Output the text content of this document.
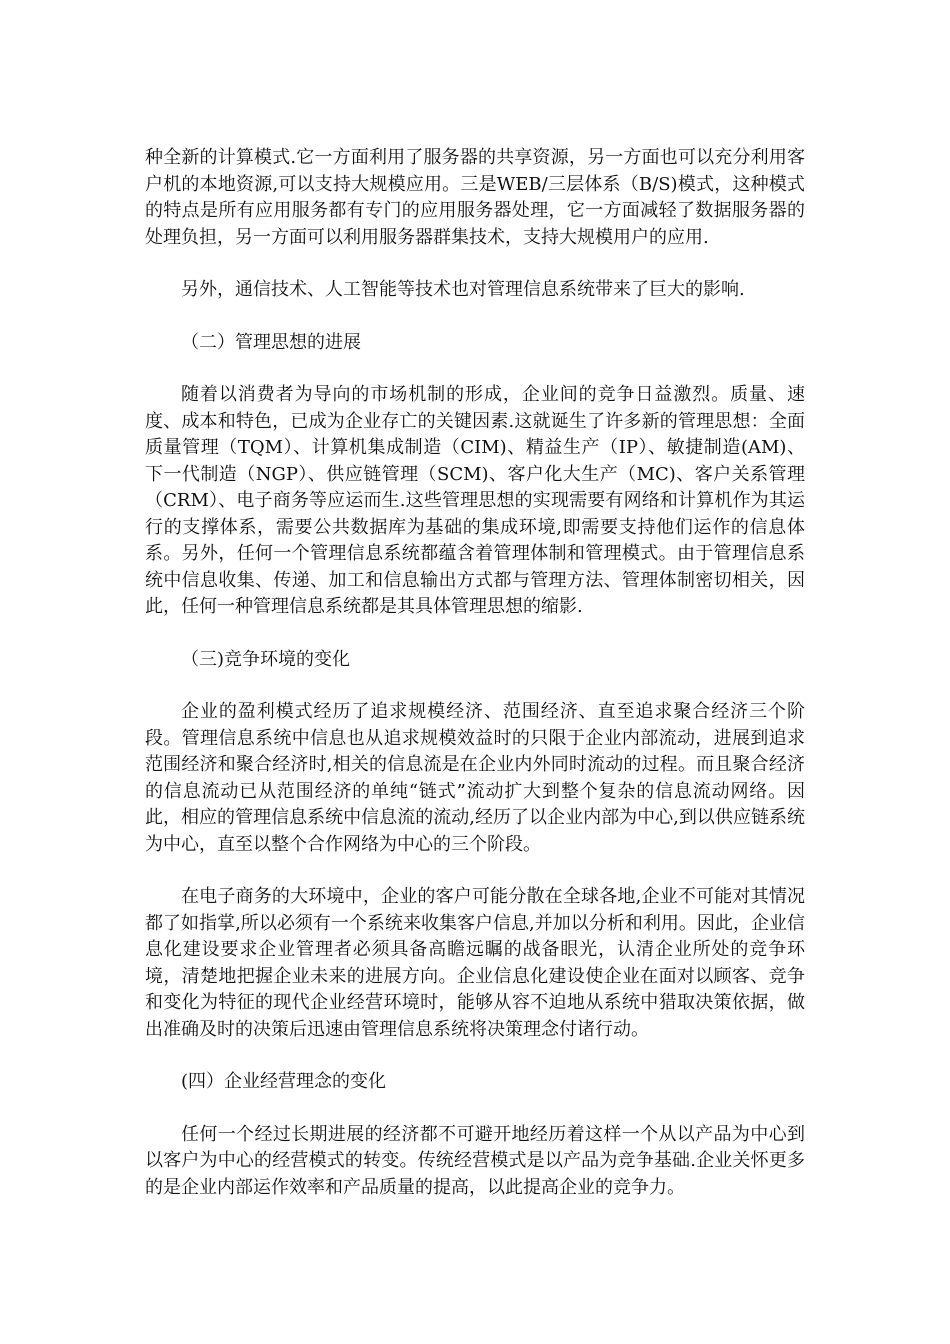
种全新的计算模式.它一方面利用了服务器的共享资源，另一方面也可以充分利用客户机的本地资源,可以支持大规模应用。三是WEB/三层体系（B/S)模式，这种模式的特点是所有应用服务都有专门的应用服务器处理，它一方面减轻了数据服务器的处理负担，另一方面可以利用服务器群集技术，支持大规模用户的应用.

另外，通信技术、人工智能等技术也对管理信息系统带来了巨大的影响.

（二）管理思想的进展

随着以消费者为导向的市场机制的形成，企业间的竞争日益激烈。质量、速度、成本和特色，已成为企业存亡的关键因素.这就诞生了许多新的管理思想：全面质量管理（TQM）、计算机集成制造（CIM)、精益生产（IP）、敏捷制造(AM)、下一代制造（NGP）、供应链管理（SCM)、客户化大生产（MC)、客户关系管理（CRM）、电子商务等应运而生.这些管理思想的实现需要有网络和计算机作为其运行的支撑体系，需要公共数据库为基础的集成环境,即需要支持他们运作的信息体系。另外，任何一个管理信息系统都蕴含着管理体制和管理模式。由于管理信息系统中信息收集、传递、加工和信息输出方式都与管理方法、管理体制密切相关，因此，任何一种管理信息系统都是其具体管理思想的缩影.

（三)竞争环境的变化

企业的盈利模式经历了追求规模经济、范围经济、直至追求聚合经济三个阶段。管理信息系统中信息也从追求规模效益时的只限于企业内部流动，进展到追求范围经济和聚合经济时,相关的信息流是在企业内外同时流动的过程。而且聚合经济的信息流动已从范围经济的单纯“链式”流动扩大到整个复杂的信息流动网络。因此，相应的管理信息系统中信息流的流动,经历了以企业内部为中心,到以供应链系统为中心，直至以整个合作网络为中心的三个阶段。

在电子商务的大环境中，企业的客户可能分散在全球各地,企业不可能对其情况都了如指掌,所以必须有一个系统来收集客户信息,并加以分析和利用。因此，企业信息化建设要求企业管理者必须具备高瞻远瞩的战备眼光，认清企业所处的竞争环境，清楚地把握企业未来的进展方向。企业信息化建设使企业在面对以顾客、竞争和变化为特征的现代企业经营环境时，能够从容不迫地从系统中猎取决策依据，做出准确及时的决策后迅速由管理信息系统将决策理念付诸行动。

(四）企业经营理念的变化

任何一个经过长期进展的经济都不可避开地经历着这样一个从以产品为中心到以客户为中心的经营模式的转变。传统经营模式是以产品为竞争基础.企业关怀更多的是企业内部运作效率和产品质量的提高，以此提高企业的竞争力。
